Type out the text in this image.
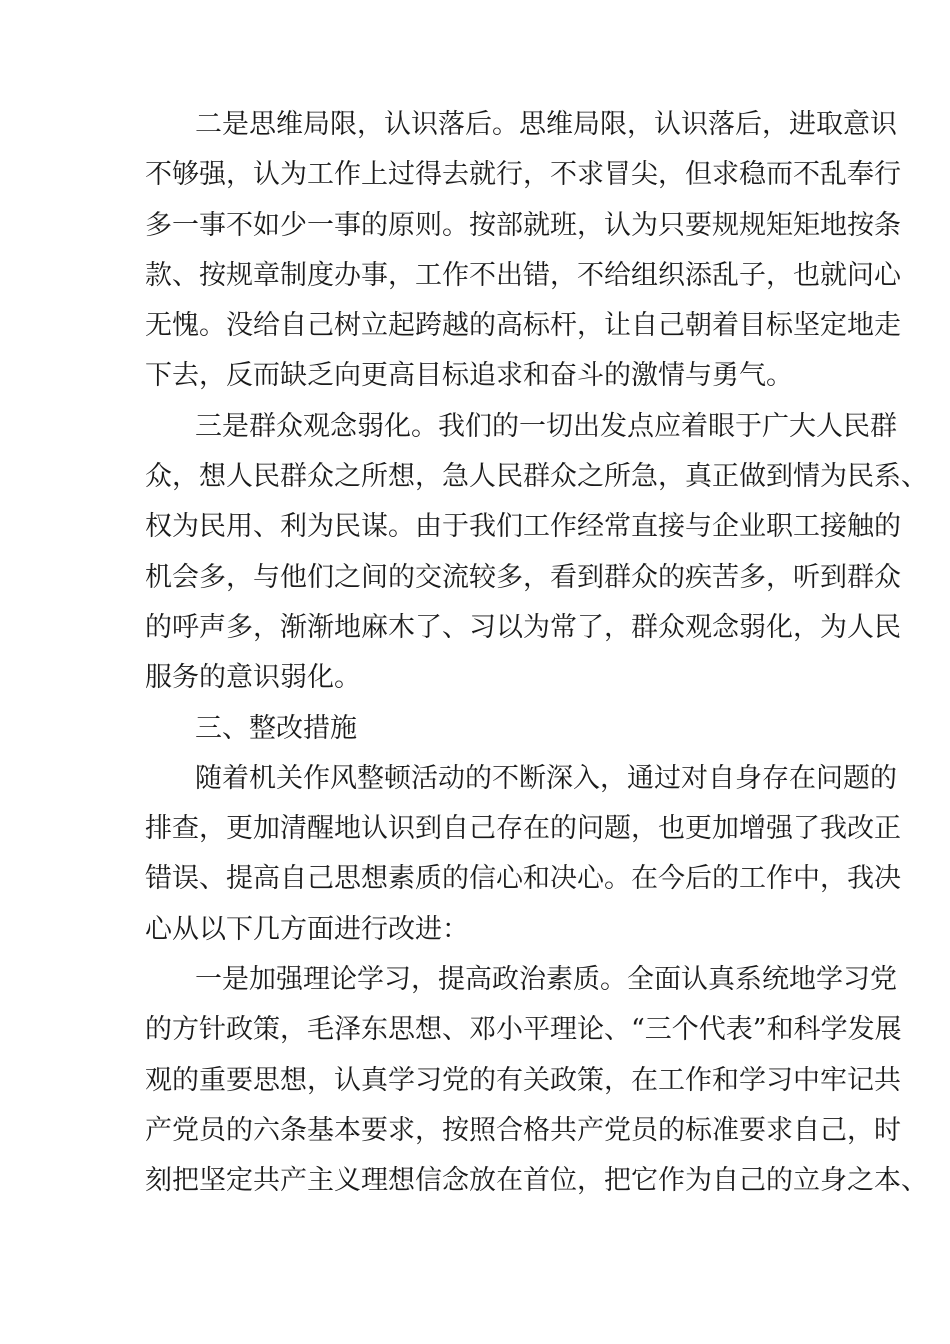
二是思维局限，认识落后。思维局限，认识落后，进取意识
不够强，认为工作上过得去就行，不求冒尖，但求稳而不乱奉行
多一事不如少一事的原则。按部就班，认为只要规规矩矩地按条
款、按规章制度办事，工作不出错，不给组织添乱子，也就问心
无愧。没给自己树立起跨越的高标杆，让自己朝着目标坚定地走
下去，反而缺乏向更高目标追求和奋斗的激情与勇气。
三是群众观念弱化。我们的一切出发点应着眼于广大人民群
众，想人民群众之所想，急人民群众之所急，真正做到情为民系、
权为民用、利为民谋。由于我们工作经常直接与企业职工接触的
机会多，与他们之间的交流较多，看到群众的疾苦多，听到群众
的呼声多，渐渐地麻木了、习以为常了，群众观念弱化，为人民
服务的意识弱化。
三、整改措施
随着机关作风整顿活动的不断深入，通过对自身存在问题的
排查，更加清醒地认识到自己存在的问题，也更加增强了我改正
错误、提高自己思想素质的信心和决心。在今后的工作中，我决
心从以下几方面进行改进：
一是加强理论学习，提高政治素质。全面认真系统地学习党
的方针政策，毛泽东思想、邓小平理论、“三个代表”和科学发展
观的重要思想，认真学习党的有关政策，在工作和学习中牢记共
产党员的六条基本要求，按照合格共产党员的标准要求自己，时
刻把坚定共产主义理想信念放在首位，把它作为自己的立身之本、
